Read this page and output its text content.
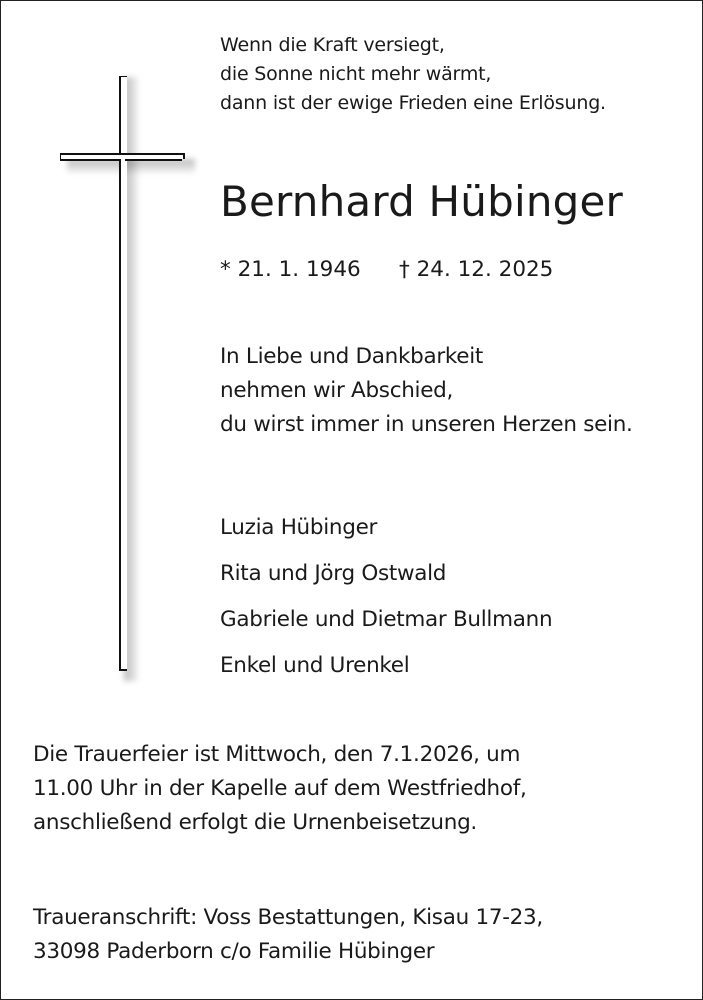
Wenn die Kraft versiegt,

die Sonne nicht mehr wärmt,

dann ist der ewige Frieden eine Erlösung.

Bernhard Hübinger

* 21. 1. 1946 † 24. 12. 2025

In Liebe und Dankbarkeit

nehmen wir Abschied,

du wirst immer in unseren Herzen sein.

Luzia Hübinger

Rita und Jörg Ostwald

Gabriele und Dietmar Bullmann

Enkel und Urenkel

Die Trauerfeier ist Mittwoch, den 7.1.2026, um

11.00 Uhr in der Kapelle auf dem Westfriedhof,

anschließend erfolgt die Urnenbeisetzung.

Traueranschrift: Voss Bestattungen, Kisau 17-23,

33098 Paderborn c/o Familie Hübinger
